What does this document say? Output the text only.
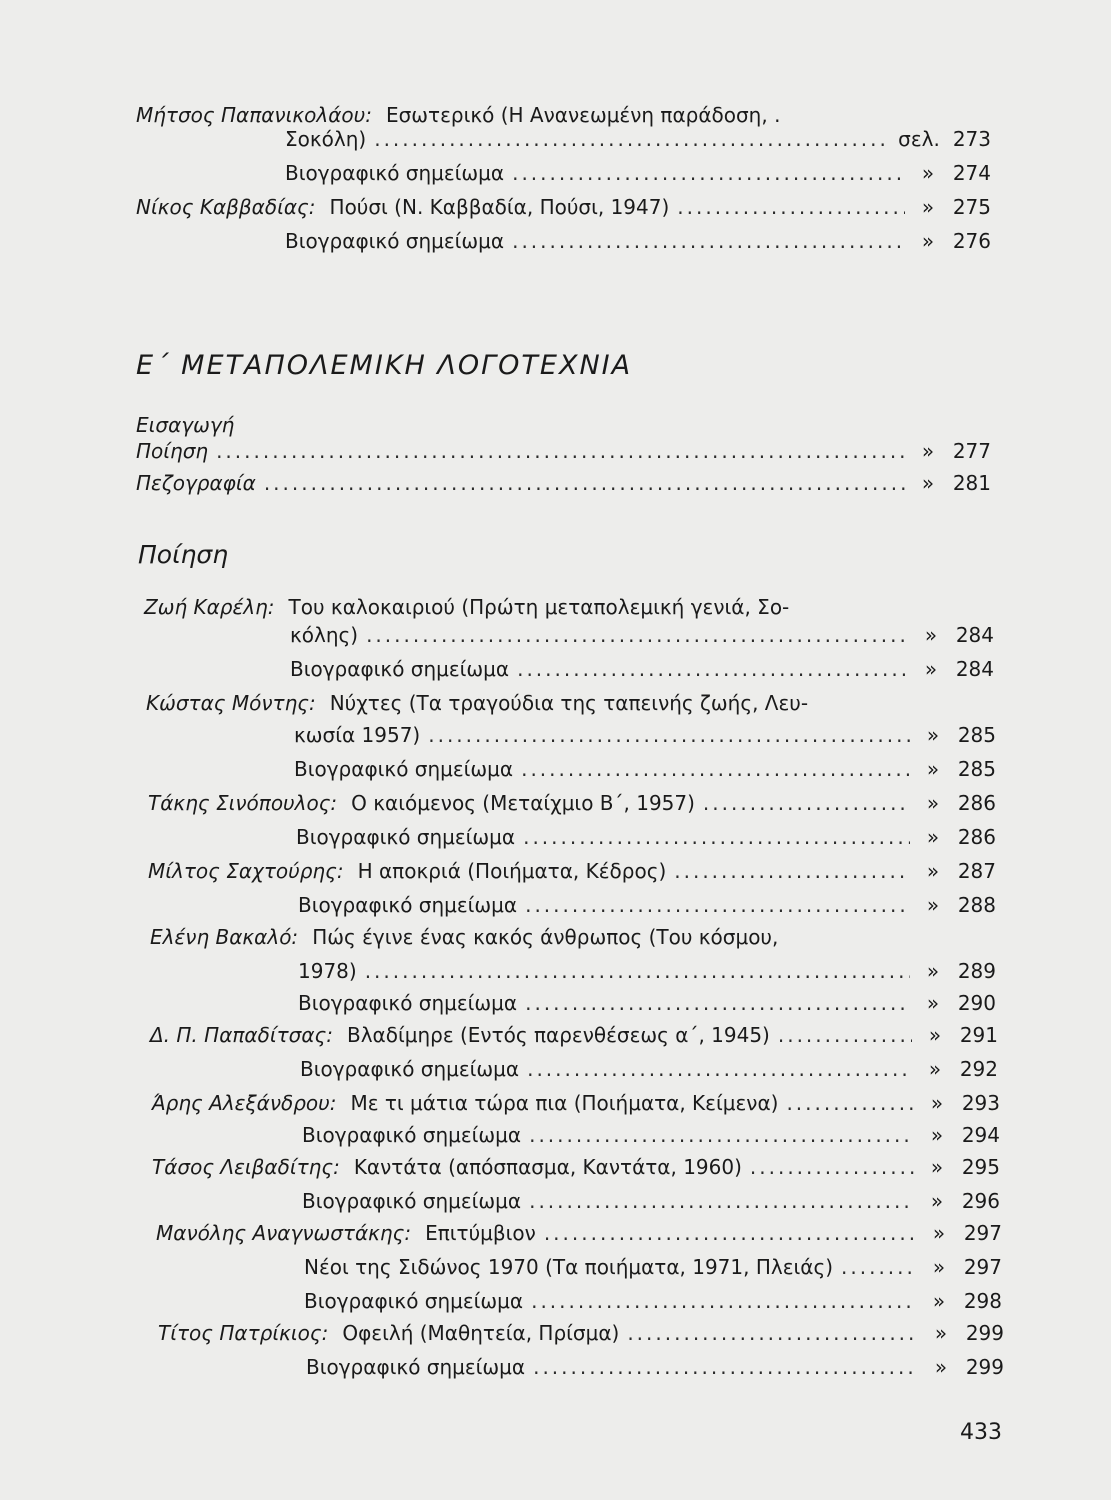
Μήτσος Παπανικολάου: Εσωτερικό (Η Ανανεωμένη παράδοση, .
Σοκόλη) .....	σελ. 273
Βιογραφικό σημείωμα .....	» 274
Νίκος Καββαδίας: Πούσι (Ν. Καββαδία, Πούσι, 1947) .....	» 275
Βιογραφικό σημείωμα .....	» 276
Ε΄ ΜΕΤΑΠΟΛΕΜΙΚΗ ΛΟΓΟΤΕΧΝΙΑ
Εισαγωγή
Ποίηση .....	» 277
Πεζογραφία .....	» 281
Ποίηση
Ζωή Καρέλη: Του καλοκαιριού (Πρώτη μεταπολεμική γενιά, Σο-
κόλης) .....	» 284
Βιογραφικό σημείωμα .....	» 284
Κώστας Μόντης: Νύχτες (Τα τραγούδια της ταπεινής ζωής, Λευ-
κωσία 1957) .....	» 285
Βιογραφικό σημείωμα .....	» 285
Τάκης Σινόπουλος: Ο καιόμενος (Μεταίχμιο Β΄, 1957) .....	» 286
Βιογραφικό σημείωμα .....	» 286
Μίλτος Σαχτούρης: Η αποκριά (Ποιήματα, Κέδρος) .....	» 287
Βιογραφικό σημείωμα .....	» 288
Ελένη Βακαλό: Πώς έγινε ένας κακός άνθρωπος (Του κόσμου,
1978) .....	» 289
Βιογραφικό σημείωμα .....	» 290
Δ. Π. Παπαδίτσας: Βλαδίμηρε (Εντός παρενθέσεως α΄, 1945) .....	» 291
Βιογραφικό σημείωμα .....	» 292
Άρης Αλεξάνδρου: Με τι μάτια τώρα πια (Ποιήματα, Κείμενα) .....	» 293
Βιογραφικό σημείωμα .....	» 294
Τάσος Λειβαδίτης: Καντάτα (απόσπασμα, Καντάτα, 1960) .....	» 295
Βιογραφικό σημείωμα .....	» 296
Μανόλης Αναγνωστάκης: Επιτύμβιον .....	» 297
Νέοι της Σιδώνος 1970 (Τα ποιήματα, 1971, Πλειάς) .....	» 297
Βιογραφικό σημείωμα .....	» 298
Τίτος Πατρίκιος: Οφειλή (Μαθητεία, Πρίσμα) .....	» 299
Βιογραφικό σημείωμα .....	» 299
433
